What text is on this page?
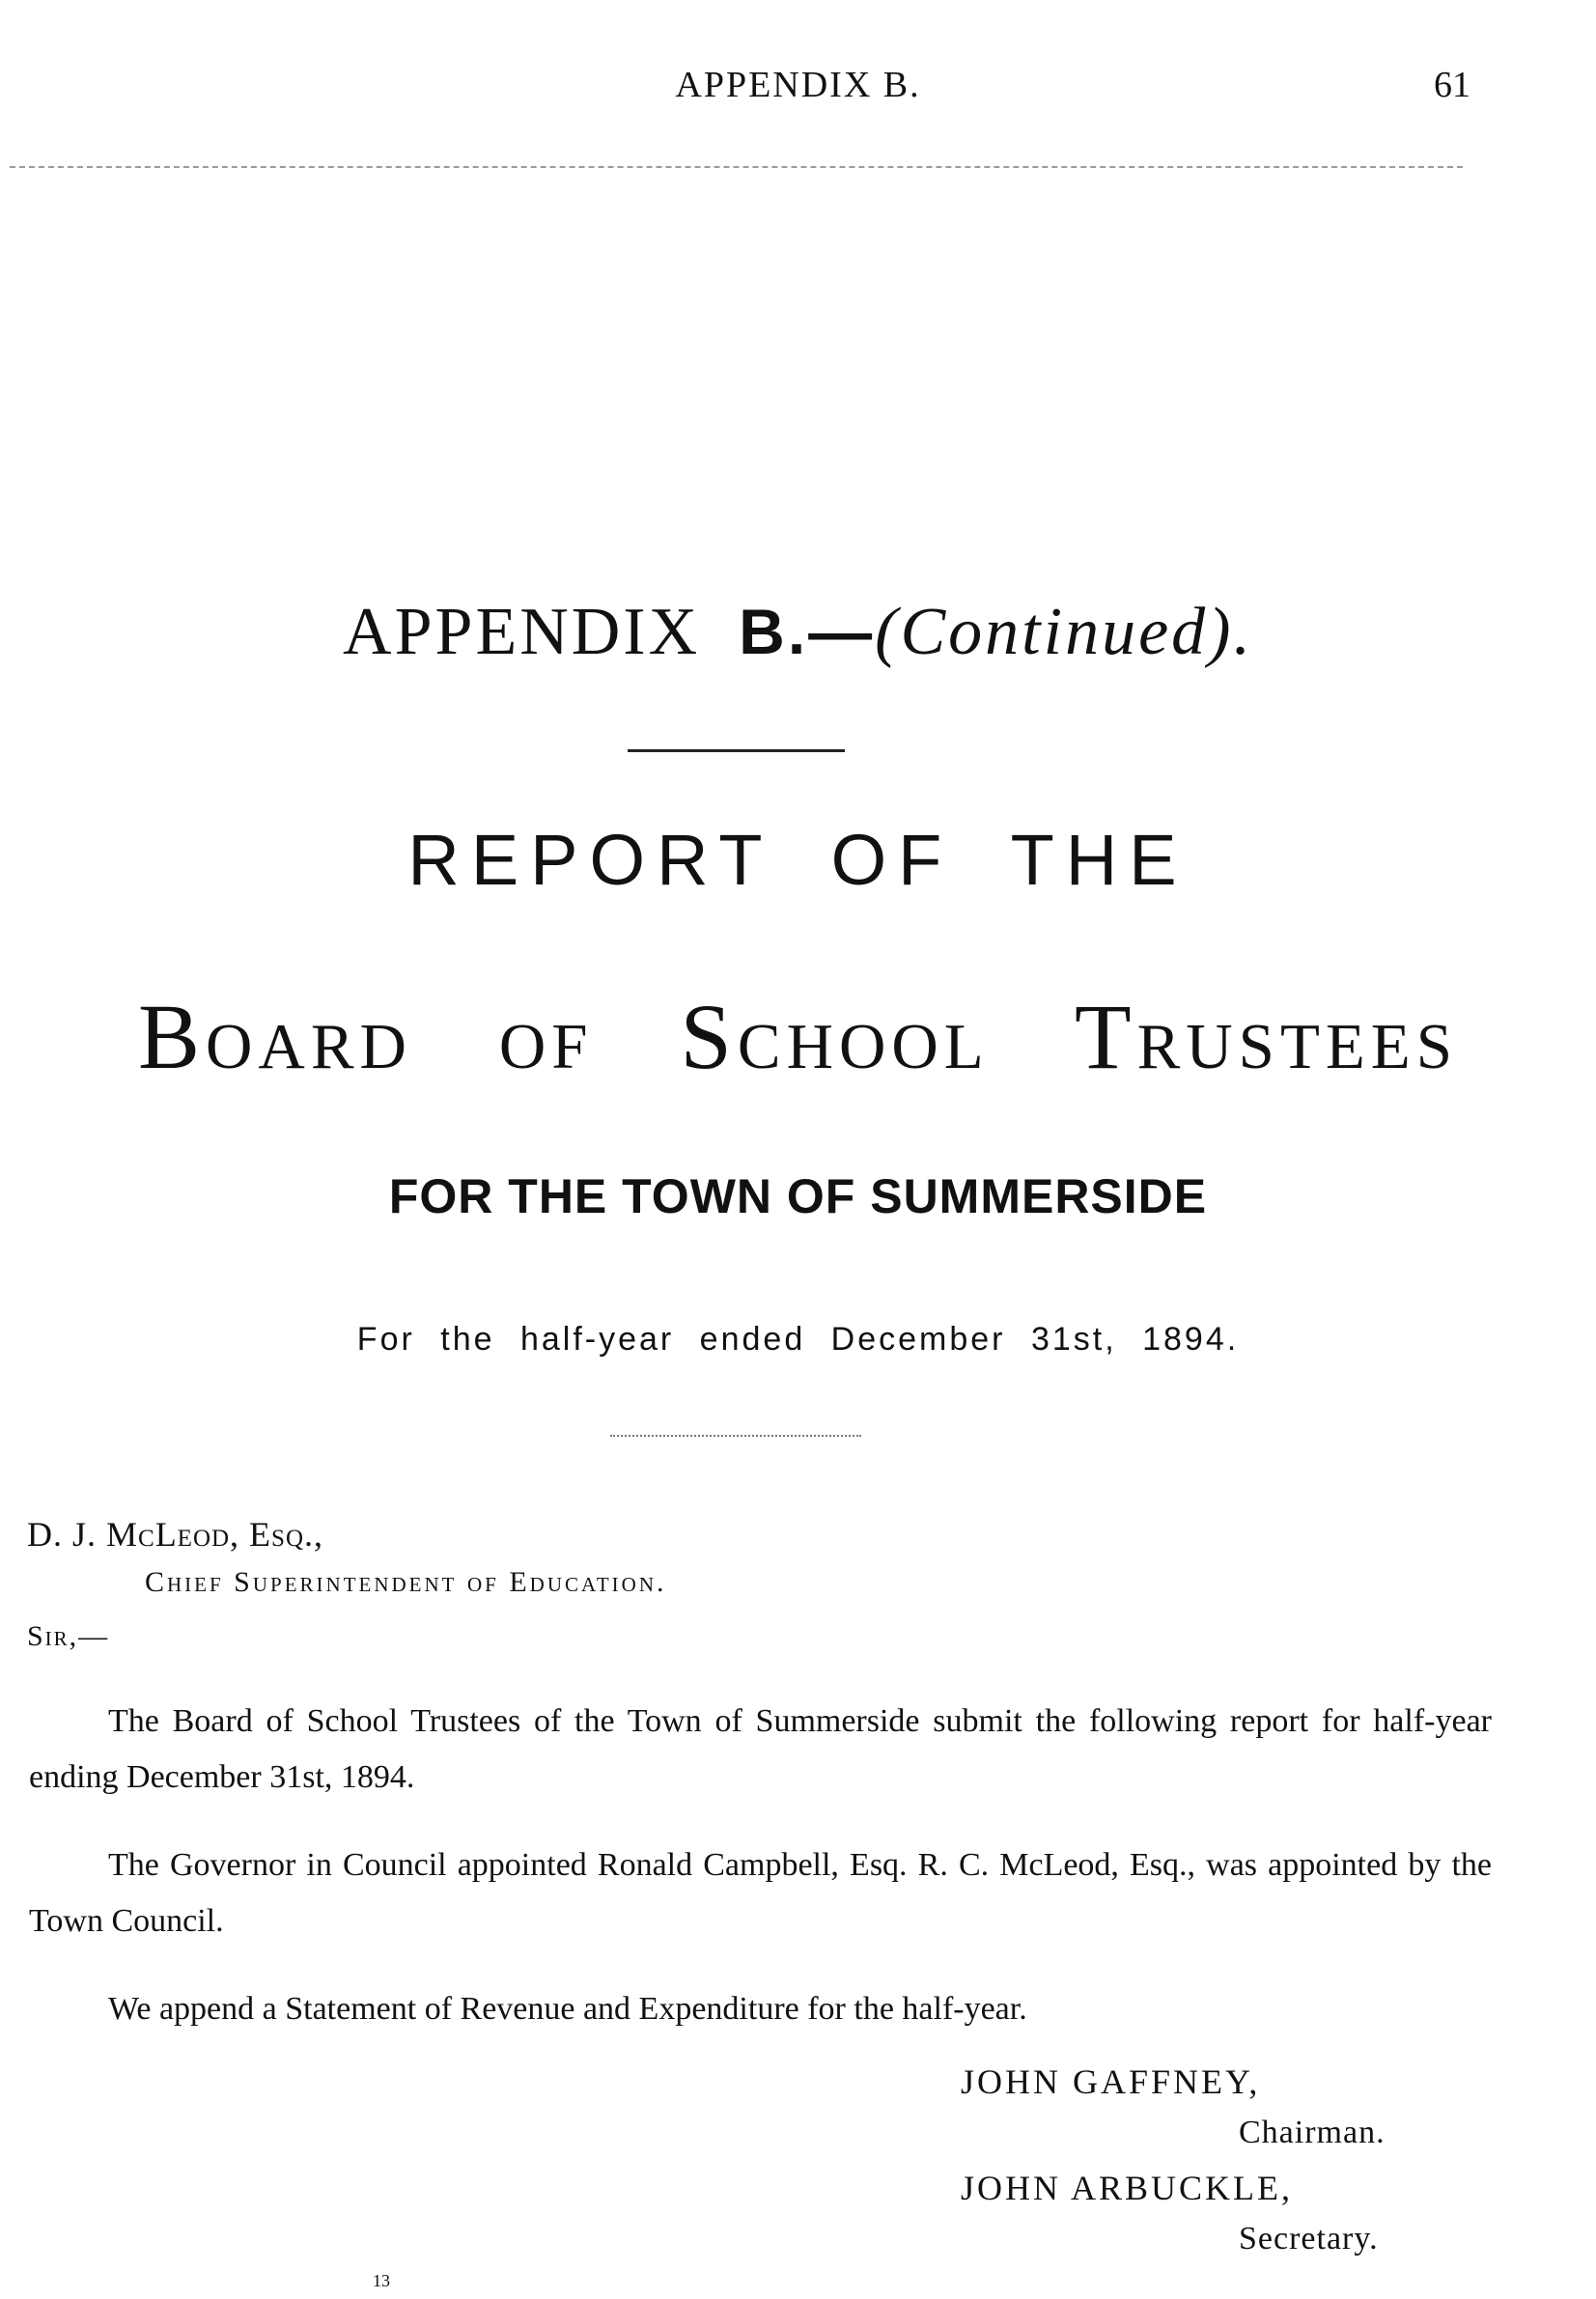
APPENDIX B.	61
APPENDIX B.—(Continued).
REPORT OF THE
Board of School Trustees
FOR THE TOWN OF SUMMERSIDE
For the half-year ended December 31st, 1894.
D. J. McLeod, Esq.,
Chief Superintendent of Education.
Sir,—

The Board of School Trustees of the Town of Summerside submit the following report for half-year ending December 31st, 1894.

The Governor in Council appointed Ronald Campbell, Esq. R. C. McLeod, Esq., was appointed by the Town Council.

We append a Statement of Revenue and Expenditure for the half-year.

JOHN GAFFNEY,
Chairman.
JOHN ARBUCKLE,
Secretary.
13
